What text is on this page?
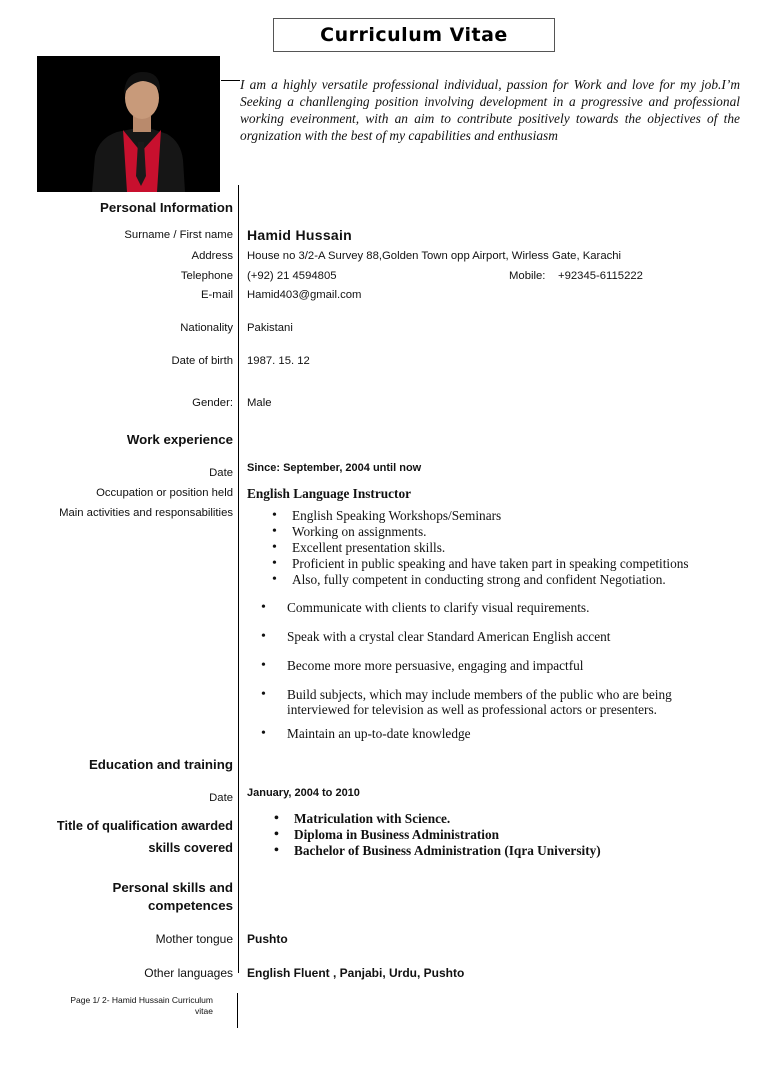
Curriculum Vitae
I am a highly versatile professional individual, passion for Work and love for my job.I’m Seeking a chanllenging position involving development in a progressive and professional working eveironment, with an aim to contribute positively towards the objectives of the orgnization with the best of my capabilities and enthusiasm
Personal Information
Surname / First name Hamid Hussain
Address House no 3/2-A Survey 88,Golden Town opp Airport, Wirless Gate, Karachi
Telephone (+92) 21 4594805	Mobile: +92345-6115222
E-mail Hamid403@gmail.com
Nationality Pakistani
Date of birth 1987. 15. 12
Gender: Male
Work experience
Date Since: September, 2004 until now
Occupation or position held English Language Instructor
Main activities and responsabilities
•	English Speaking Workshops/Seminars
• Working on assignments.
• Excellent presentation skills.
• Proficient in public speaking and have taken part in speaking competitions
• Also, fully competent in conducting strong and confident Negotiation.
• Communicate with clients to clarify visual requirements.
• Speak with a crystal clear Standard American English accent
• Become more more persuasive, engaging and impactful
• Build subjects, which may include members of the public who are being interviewed for television as well as professional actors or presenters.
• Maintain an up-to-date knowledge
Education and training
Date January, 2004 to 2010
Title of qualification awarded
skills covered
• Matriculation with Science.
• Diploma in Business Administration
• Bachelor of Business Administration (Iqra University)
Personal skills and
competences
Mother tongue Pushto
Other languages English Fluent , Panjabi, Urdu, Pushto
Page 1/ 2- Hamid Hussain Curriculum
vitae
